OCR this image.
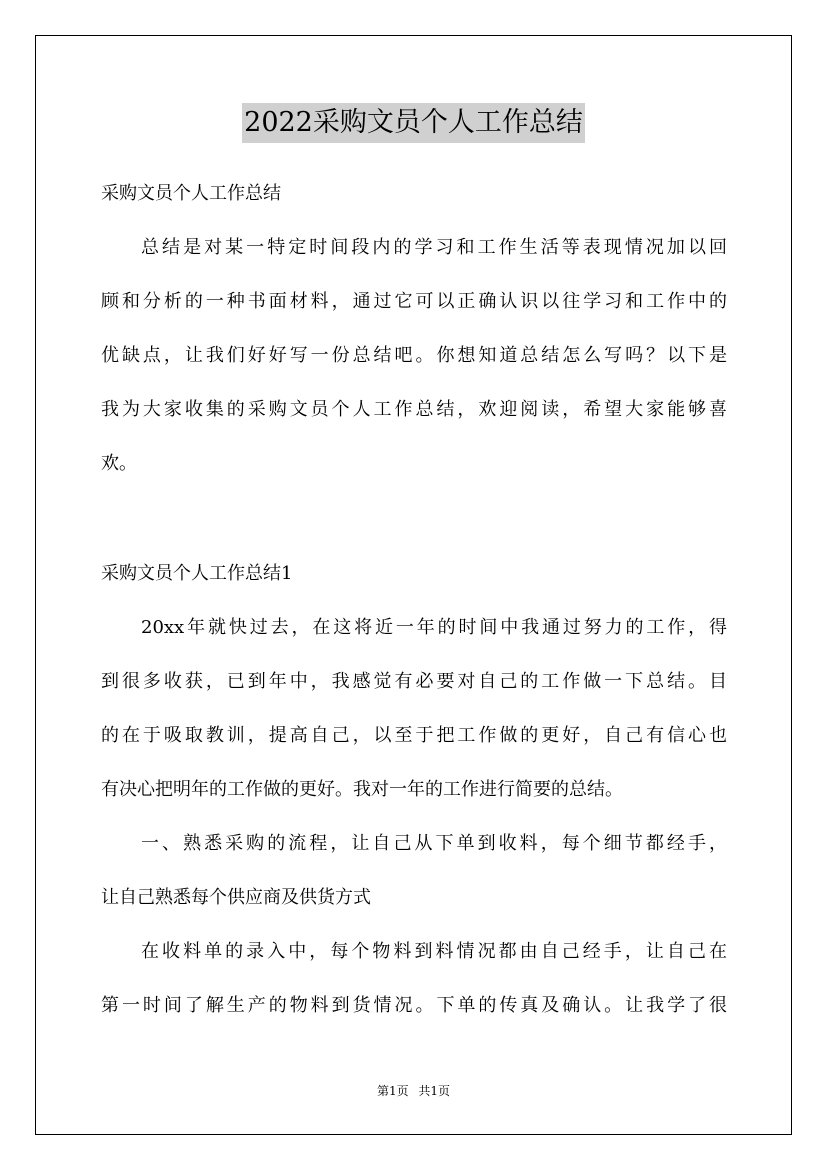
2022采购文员个人工作总结
采购文员个人工作总结
总结是对某一特定时间段内的学习和工作生活等表现情况加以回
顾和分析的一种书面材料，通过它可以正确认识以往学习和工作中的
优缺点，让我们好好写一份总结吧。你想知道总结怎么写吗？以下是
我为大家收集的采购文员个人工作总结，欢迎阅读，希望大家能够喜
欢。
采购文员个人工作总结1
20xx年就快过去，在这将近一年的时间中我通过努力的工作，得
到很多收获，已到年中，我感觉有必要对自己的工作做一下总结。目
的在于吸取教训，提高自己，以至于把工作做的更好，自己有信心也
有决心把明年的工作做的更好。我对一年的工作进行简要的总结。
一、熟悉采购的流程，让自己从下单到收料，每个细节都经手，
让自己熟悉每个供应商及供货方式
在收料单的录入中，每个物料到料情况都由自己经手，让自己在
第一时间了解生产的物料到货情况。下单的传真及确认。让我学了很
第1页 共1页
